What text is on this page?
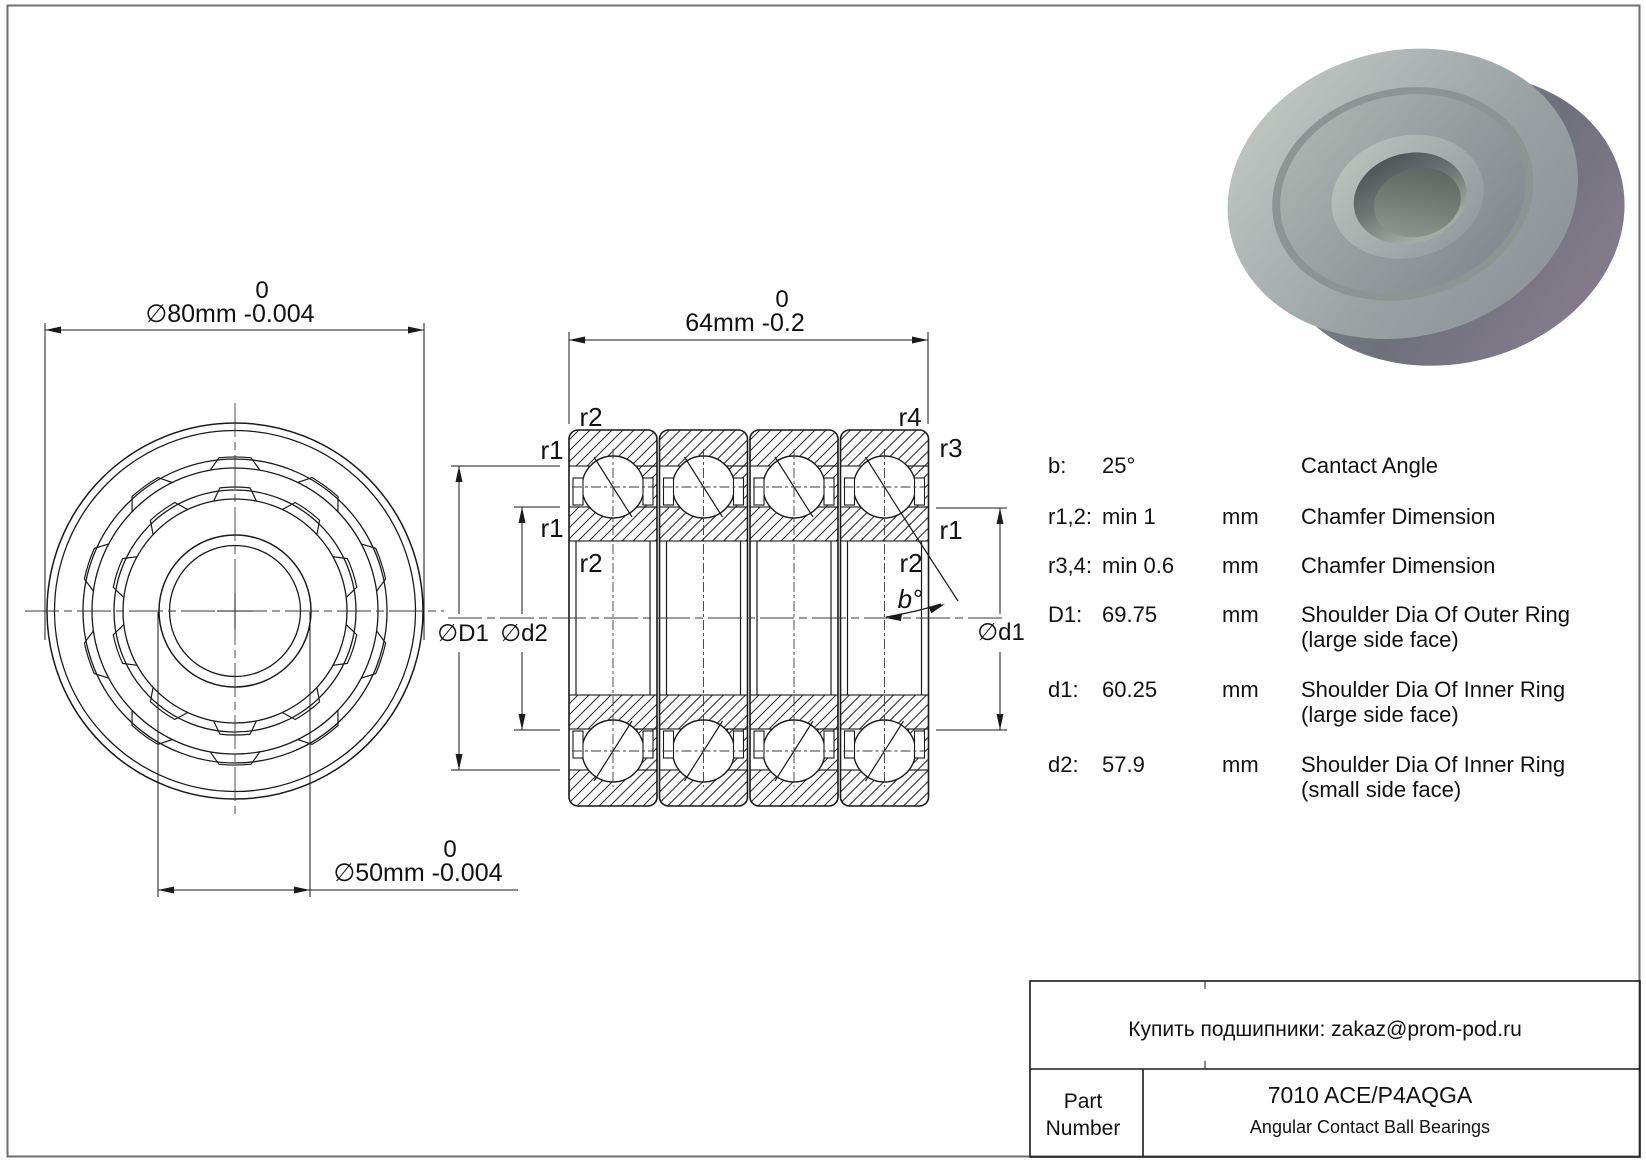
0
∅80mm -0.004
0
∅50mm -0.004
0
64mm -0.2
∅D1 ∅d2	∅d1
r2
r1
r1
r2
r4
r3
r1
r2
b°
b: 25°	Cantact Angle
r1,2: min 1	mm Chamfer Dimension
r3,4: min 0.6 mm Chamfer Dimension
D1: 69.75	mm Shoulder Dia Of Outer Ring
(large side face)
d1: 60.25	mm Shoulder Dia Of Inner Ring
(large side face)
d2: 57.9	mm Shoulder Dia Of Inner Ring
(small side face)
Купить подшипники: zakaz@prom-pod.ru
Part
Number
7010 ACE/P4AQGA
Angular Contact Ball Bearings
